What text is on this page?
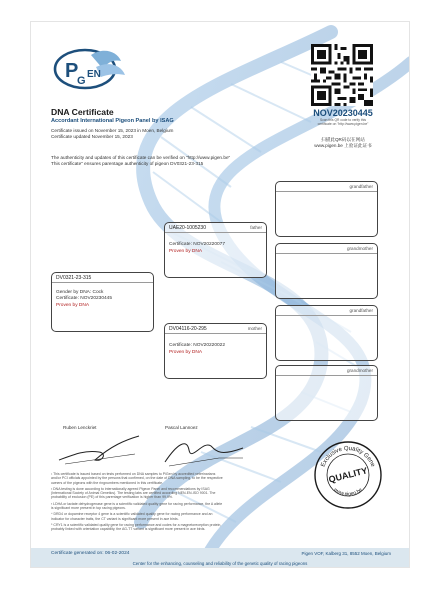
P
G
EN
NOV20230445
Scan this QR code to verify this
certificate on "http://www.pigen.be"
扫描此QR码以在网站
www.pigen.be 上验证此证书
DNA Certificate
Accordant International Pigeon Panel by ISAG
Certificate issued on November 15, 2023 in Moen, Belgium
Certificate updated November 15, 2023
The authenticity and updates of this certificate can be verified on "http://www.pigen.be"
This certificate" ensures parentage authenticity of pigeon DV0321-23-315
grandfather
grandmother
grandfather
grandmother
UAE20-1005230	father
Certificate: NOV20220077
Proven by DNA
DV0321-23-315
Gender by DNA: Cock
Certificate: NOV20230445
Proven by DNA
DV04116-20-295	mother
Certificate: NOV20220022
Proven by DNA
Ruben Lenckriet	Pascal Lannoez
¹ This certificate is issued based on tests performed on DNA samples to PiGen by accredited veterinarians
and/or PCI officials appointed by the persons that confirmed, on the date of DNA sampling, to be the respective
owners of the pigeons with the ringnumbers mentioned in this certificate.
² DNA testing is done according to internationally agreed Pigeon Panel and recommendations by ISAG
(International Society of Animal Genetics). The testing labs are certified according NEN-EN-ISO 9001. The
probability of exclusion (PE) of this parentage verification is higher than 99.9%.
³ LDHA or lactate dehydrogenase gene is a scientific validated quality gene for racing performance, the A allele
is significant more present in top racing pigeons.
⁴ DRD4 or dopamine receptor 4 gene is a scientific validated quality gene for racing performance and an
indicator for character traits, the CT variant is significant more present in ace birds.
⁵ CRY1 is a scientific validated quality gene for racing performance and codes for a magnetoreception protein,
probably linked with orientation capability, the AG-TT variant is significant more present in ace birds.
Exclusive Quality Gene
www.pigen.be
QUALITY
Certificate generated on: 06-02-2024	Pigen VOF, Kalberg 31, 8552 Moen, Belgium
Center for the enhancing, counseling and reliability of the genetic quality of racing pigeons
